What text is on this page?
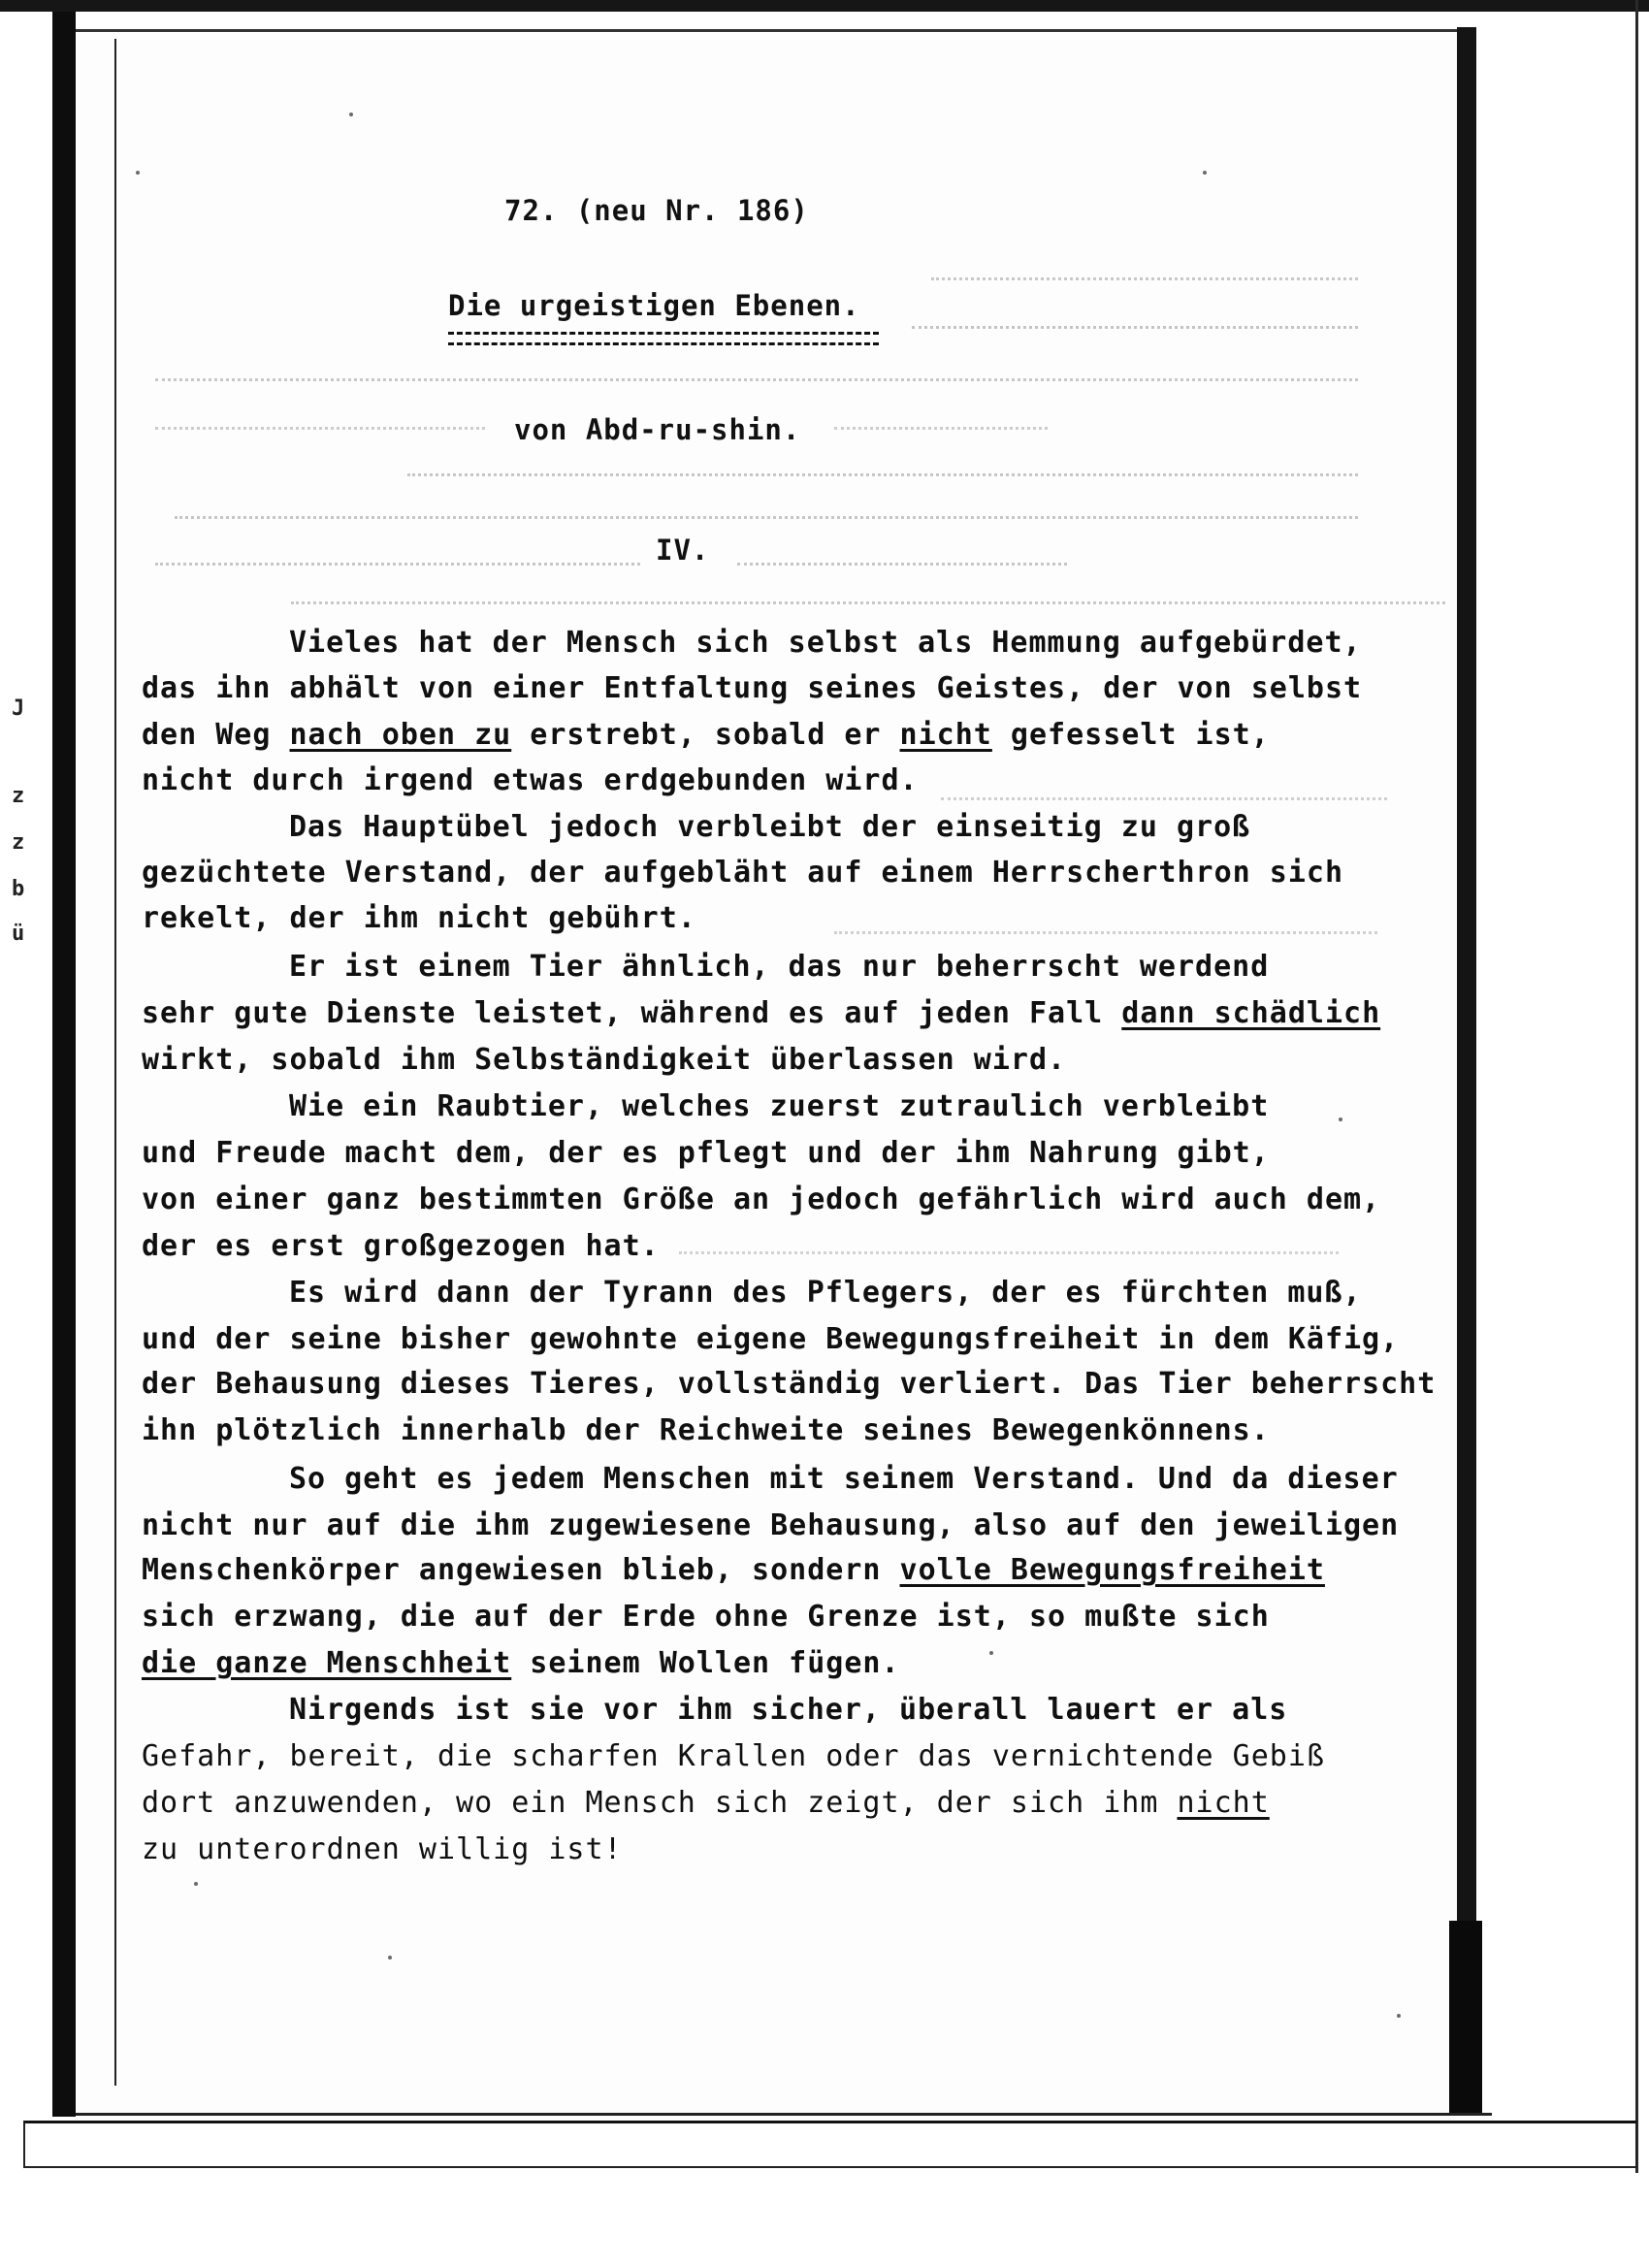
J
z
z
b
ü
72. (neu Nr. 186)
Die urgeistigen Ebenen.
von Abd-ru-shin.
IV.
Vieles hat der Mensch sich selbst als Hemmung aufgebürdet,
das ihn abhält von einer Entfaltung seines Geistes, der von selbst
den Weg nach oben zu erstrebt, sobald er nicht gefesselt ist,
nicht durch irgend etwas erdgebunden wird.
Das Hauptübel jedoch verbleibt der einseitig zu groß
gezüchtete Verstand, der aufgebläht auf einem Herrscherthron sich
rekelt, der ihm nicht gebührt.
Er ist einem Tier ähnlich, das nur beherrscht werdend
sehr gute Dienste leistet, während es auf jeden Fall dann schädlich
wirkt, sobald ihm Selbständigkeit überlassen wird.
Wie ein Raubtier, welches zuerst zutraulich verbleibt
und Freude macht dem, der es pflegt und der ihm Nahrung gibt,
von einer ganz bestimmten Größe an jedoch gefährlich wird auch dem,
der es erst großgezogen hat.
Es wird dann der Tyrann des Pflegers, der es fürchten muß,
und der seine bisher gewohnte eigene Bewegungsfreiheit in dem Käfig,
der Behausung dieses Tieres, vollständig verliert. Das Tier beherrscht
ihn plötzlich innerhalb der Reichweite seines Bewegenkönnens.
So geht es jedem Menschen mit seinem Verstand. Und da dieser
nicht nur auf die ihm zugewiesene Behausung, also auf den jeweiligen
Menschenkörper angewiesen blieb, sondern volle Bewegungsfreiheit
sich erzwang, die auf der Erde ohne Grenze ist, so mußte sich
die ganze Menschheit seinem Wollen fügen.
Nirgends ist sie vor ihm sicher, überall lauert er als
Gefahr, bereit, die scharfen Krallen oder das vernichtende Gebiß
dort anzuwenden, wo ein Mensch sich zeigt, der sich ihm nicht
zu unterordnen willig ist!
